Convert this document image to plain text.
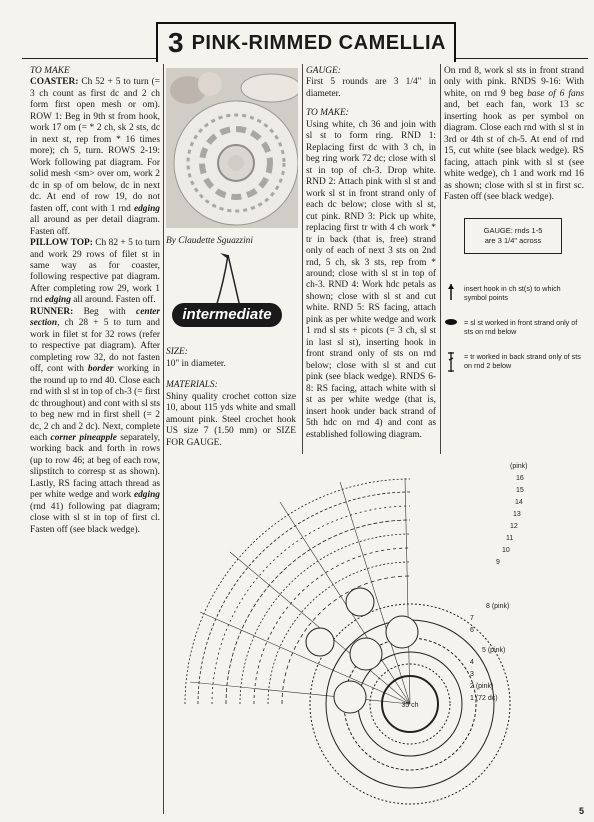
3 PINK-RIMMED CAMELLIA

TO MAKE

COASTER: Ch 52 + 5 to turn (= 3 ch count as first dc and 2 ch form first open mesh or om). ROW 1: Beg in 9th st from hook, work 17 om (= * 2 ch, sk 2 sts, dc in next st, rep from * 16 times more); ch 5, turn. ROWS 2-19: Work following pat diagram. For solid mesh <sm> over om, work 2 dc in sp of om below, dc in next dc. At end of row 19, do not fasten off, cont with 1 rnd edging all around as per detail diagram. Fasten off.

PILLOW TOP: Ch 82 + 5 to turn and work 29 rows of filet st in same way as for coaster, following respective pat diagram. After completing row 29, work 1 rnd edging all around. Fasten off.

RUNNER: Beg with center section, ch 28 + 5 to turn and work in filet st for 32 rows (refer to respective pat diagram). After completing row 32, do not fasten off, cont with border working in the round up to rnd 40. Close each rnd with sl st in top of ch-3 (= first dc throughout) and cont with sl sts to beg new rnd in first shell (= 2 dc, 2 ch and 2 dc). Next, complete each corner pineapple separately, working back and forth in rows (up to row 46; at beg of each row, slipstitch to corresp st as shown). Lastly, RS facing attach thread as per white wedge and work edging (rnd 41) following pat diagram; close with sl st in top of first cl. Fasten off (see black wedge).

By Claudette Sguazzini
intermediate

SIZE:

10" in diameter.

MATERIALS:

Shiny quality crochet cotton size 10, about 115 yds white and small amount pink. Steel crochet hook US size 7 (1.50 mm) or SIZE FOR GAUGE.

GAUGE:

First 5 rounds are 3 1/4" in diameter.

TO MAKE:

Using white, ch 36 and join with sl st to form ring. RND 1: Replacing first dc with 3 ch, in beg ring work 72 dc; close with sl st in top of ch-3. Drop white. RND 2: Attach pink with sl st and work sl st in front strand only of each dc below; close with sl st, cut pink. RND 3: Pick up white, replacing first tr with 4 ch work * tr in back (that is, free) strand only of each of next 3 sts on 2nd rnd, 5 ch, sk 3 sts, rep from * around; close with sl st in top of ch-3. RND 4: Work hdc petals as shown; close with sl st and cut white. RND 5: RS facing, attach pink as per white wedge and work 1 rnd sl sts + picots (= 3 ch, sl st in last sl st), inserting hook in front strand only of sts on rnd below; close with sl st and cut pink (see black wedge). RNDS 6-8: RS facing, attach white with sl st as per white wedge (that is, insert hook under back strand of 5th hdc on rnd 4) and cont as established following diagram.

On rnd 8, work sl sts in front strand only with pink. RNDS 9-16: With white, on rnd 9 beg base of 6 fans and, bet each fan, work 13 sc inserting hook as per symbol on diagram. Close each rnd with sl st in 3rd or 4th st of ch-5. At end of rnd 15, cut white (see black wedge). RS facing, attach pink with sl st (see white wedge), ch 1 and work rnd 16 as shown; close with sl st in first sc. Fasten off (see black wedge).

GAUGE: rnds 1-5
are 3 1/4" across
insert hook in ch st(s) to which symbol points
= sl st worked in front strand only of sts on rnd below
= tr worked in back strand only of sts on rnd 2 below
35 ch
(pink)
16
15
14
13
12
11
10
9
8 (pink)
7
6
5 (pink)
4
3
2 (pink)
1 (72 dc)
5
